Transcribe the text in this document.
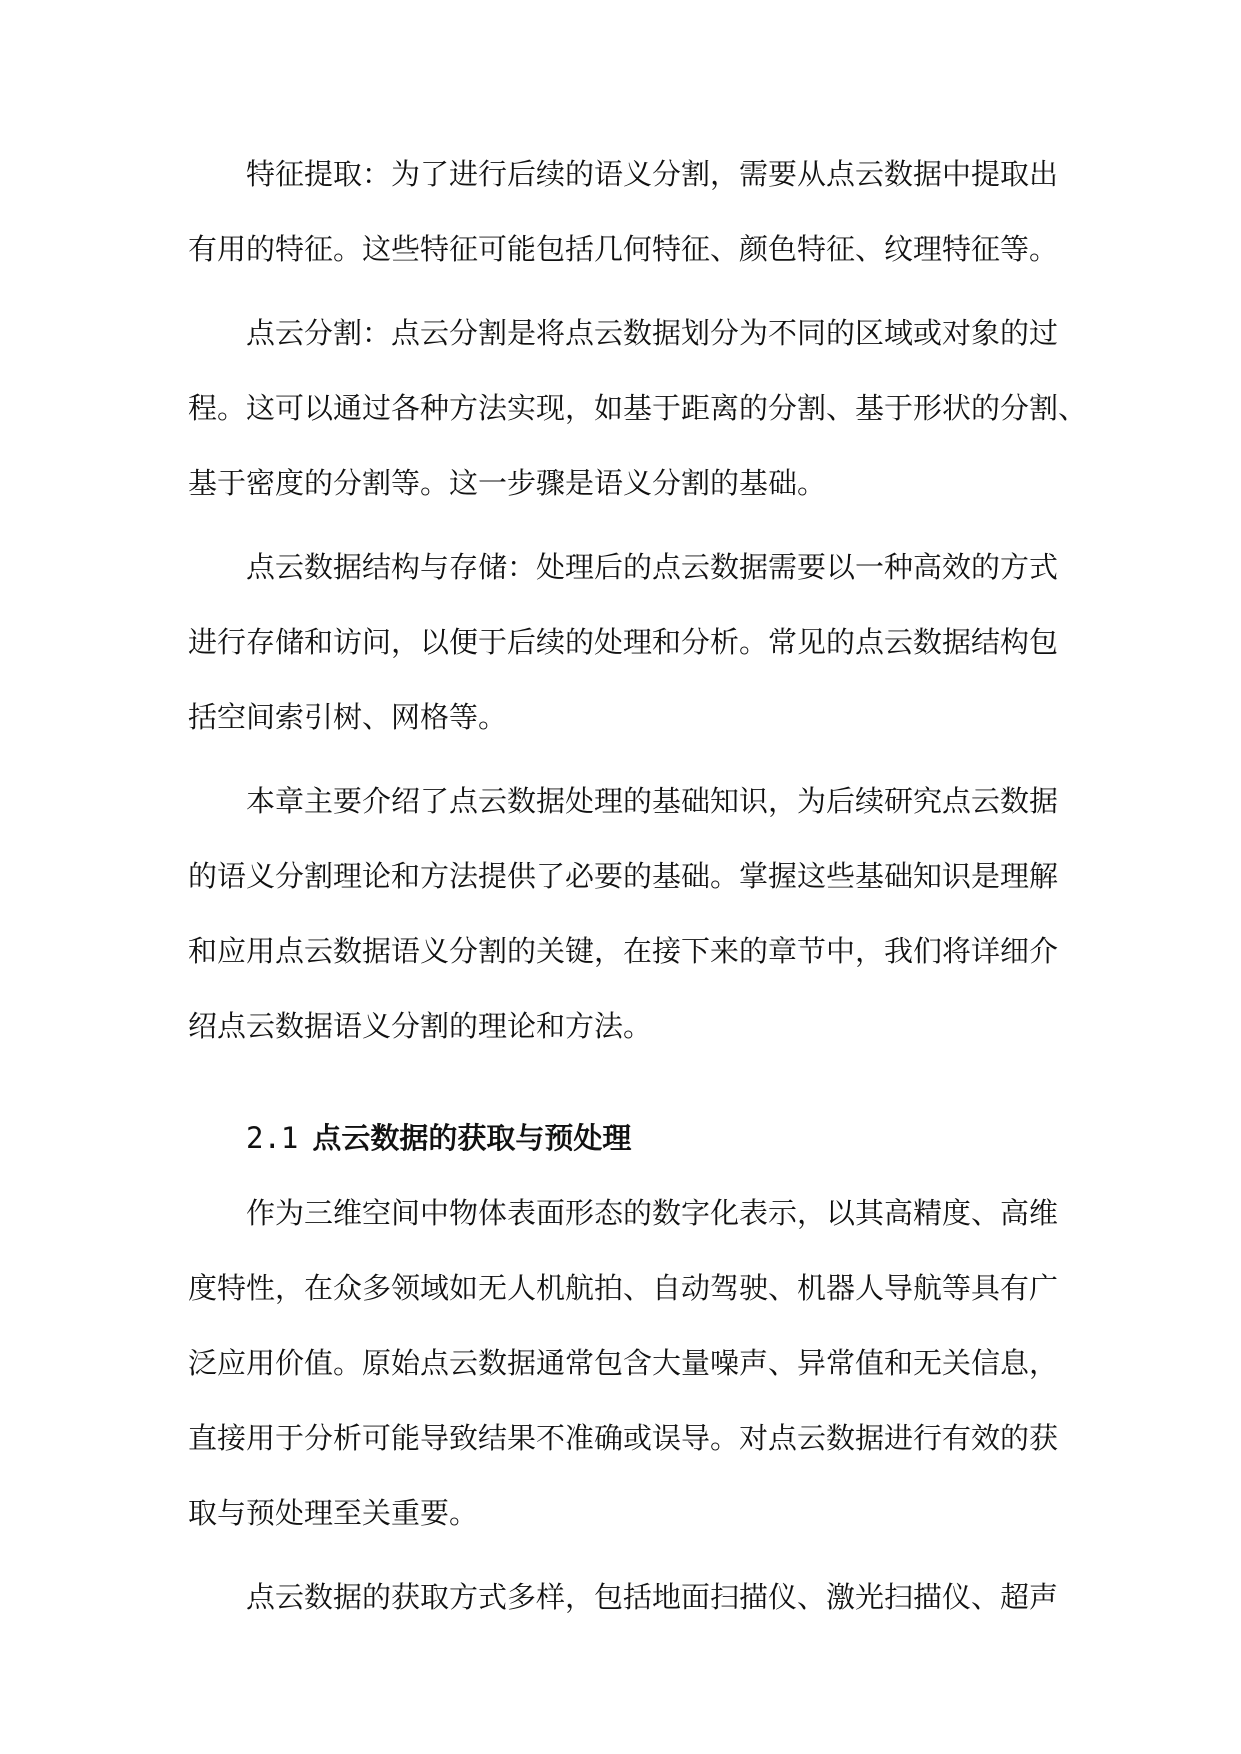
特征提取：为了进行后续的语义分割，需要从点云数据中提取出
有用的特征。这些特征可能包括几何特征、颜色特征、纹理特征等。
点云分割：点云分割是将点云数据划分为不同的区域或对象的过
程。这可以通过各种方法实现，如基于距离的分割、基于形状的分割、
基于密度的分割等。这一步骤是语义分割的基础。
点云数据结构与存储：处理后的点云数据需要以一种高效的方式
进行存储和访问，以便于后续的处理和分析。常见的点云数据结构包
括空间索引树、网格等。
本章主要介绍了点云数据处理的基础知识，为后续研究点云数据
的语义分割理论和方法提供了必要的基础。掌握这些基础知识是理解
和应用点云数据语义分割的关键，在接下来的章节中，我们将详细介
绍点云数据语义分割的理论和方法。
2.1 点云数据的获取与预处理
作为三维空间中物体表面形态的数字化表示，以其高精度、高维
度特性，在众多领域如无人机航拍、自动驾驶、机器人导航等具有广
泛应用价值。原始点云数据通常包含大量噪声、异常值和无关信息，
直接用于分析可能导致结果不准确或误导。对点云数据进行有效的获
取与预处理至关重要。
点云数据的获取方式多样，包括地面扫描仪、激光扫描仪、超声
